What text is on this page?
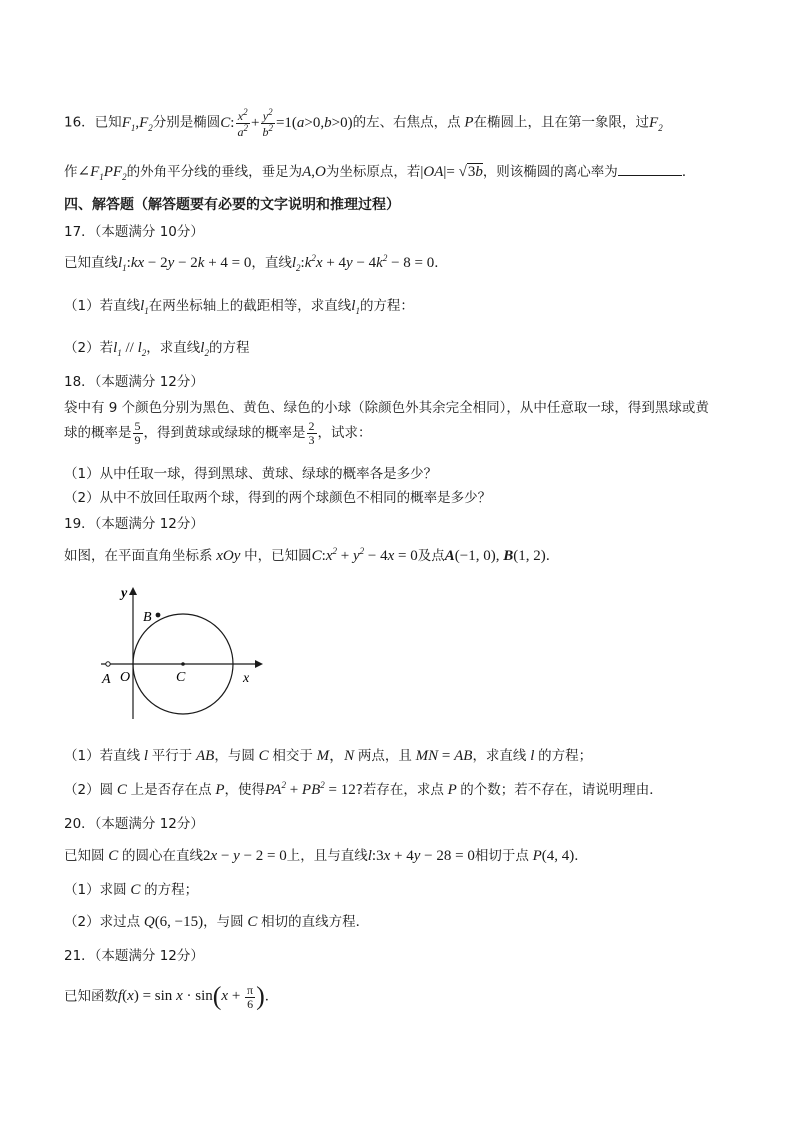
16．已知$F_1,F_2$分别是椭圆C: $\frac{x^2}{a^2} + \frac{y^2}{b^2} =1(a>0,b>0)$的左、右焦点，点 P在椭圆上，且在第一象限，过$F_2$
作$\angle F_1PF_2$的外角平分线的垂线，垂足为A,O为坐标原点，若|OA|= √3b，则该椭圆的离心率为	．
四、解答题（解答题要有必要的文字说明和推理过程）
17．（本题满分 10分）
已知直线$l_1:kx - 2y - 2k + 4 = 0$，直线$l_2:k^2x + 4y - 4k^2 - 8 = 0$．
（1）若直线$l_1$在两坐标轴上的截距相等，求直线$l_1$的方程：
（2）若$l_1 // l_2$，求直线$l_2$的方程
18．（本题满分 12分）
袋中有 9 个颜色分别为黑色、黄色、绿色的小球（除颜色外其余完全相同），从中任意取一球，得到黑球或黄
球的概率是 $\frac{5}{9}$ ，得到黄球或绿球的概率是 $\frac{2}{3}$ ，试求：
（1）从中任取一球，得到黑球、黄球、绿球的概率各是多少？
（2）从中不放回任取两个球，得到的两个球颜色不相同的概率是多少？
19．（本题满分 12分）
如图，在平面直角坐标系 xOy 中，已知圆$C:x^2 + y^2 - 4x = 0$及点A(−1, 0), B(1, 2)．
y
x
A O
B
C
（1）若直线 l 平行于 AB，与圆 C 相交于 M，N 两点，且 MN = AB，求直线 l 的方程；
（2）圆 C 上是否存在点 P，使得$PA^2 + PB^2 = 12$?若存在，求点 P 的个数；若不存在，请说明理由．
20．（本题满分 12分）
已知圆 C 的圆心在直线2x − y − 2 = 0上，且与直线l:3x + 4y − 28 = 0相切于点 P(4, 4)．
（1）求圆 C 的方程；
（2）求过点 Q(6, −15)，与圆 C 相切的直线方程．
21．（本题满分 12分）
已知函数$f(x) = \sin x \cdot \sin(x + \frac{\pi}{6}$ )．
